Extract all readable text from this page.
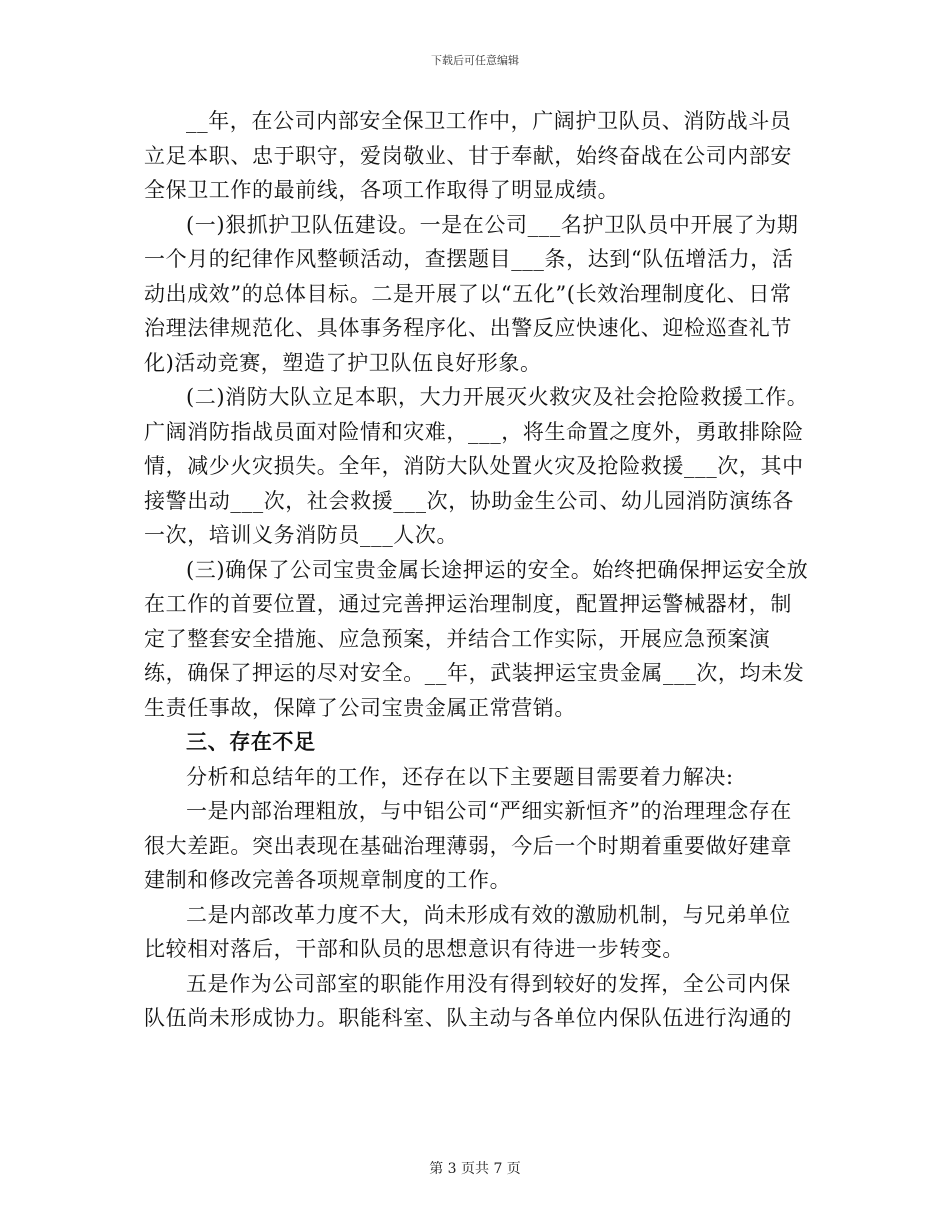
下载后可任意编辑

__年，在公司内部安全保卫工作中，广阔护卫队员、消防战斗员立足本职、忠于职守，爱岗敬业、甘于奉献，始终奋战在公司内部安全保卫工作的最前线，各项工作取得了明显成绩。

(一)狠抓护卫队伍建设。一是在公司___名护卫队员中开展了为期一个月的纪律作风整顿活动，查摆题目___条，达到“队伍增活力，活动出成效”的总体目标。二是开展了以“五化”(长效治理制度化、日常治理法律规范化、具体事务程序化、出警反应快速化、迎检巡查礼节化)活动竞赛，塑造了护卫队伍良好形象。

(二)消防大队立足本职，大力开展灭火救灾及社会抢险救援工作。广阔消防指战员面对险情和灾难，___，将生命置之度外，勇敢排除险情，减少火灾损失。全年，消防大队处置火灾及抢险救援___次，其中接警出动___次，社会救援___次，协助金生公司、幼儿园消防演练各一次，培训义务消防员___人次。

(三)确保了公司宝贵金属长途押运的安全。始终把确保押运安全放在工作的首要位置，通过完善押运治理制度，配置押运警械器材，制定了整套安全措施、应急预案，并结合工作实际，开展应急预案演练，确保了押运的尽对安全。__年，武装押运宝贵金属___次，均未发生责任事故，保障了公司宝贵金属正常营销。

三、存在不足

分析和总结年的工作，还存在以下主要题目需要着力解决:

一是内部治理粗放，与中铝公司“严细实新恒齐”的治理理念存在很大差距。突出表现在基础治理薄弱，今后一个时期着重要做好建章建制和修改完善各项规章制度的工作。

二是内部改革力度不大，尚未形成有效的激励机制，与兄弟单位比较相对落后，干部和队员的思想意识有待进一步转变。

五是作为公司部室的职能作用没有得到较好的发挥，全公司内保队伍尚未形成协力。职能科室、队主动与各单位内保队伍进行沟通的

第 3 页共 7 页
